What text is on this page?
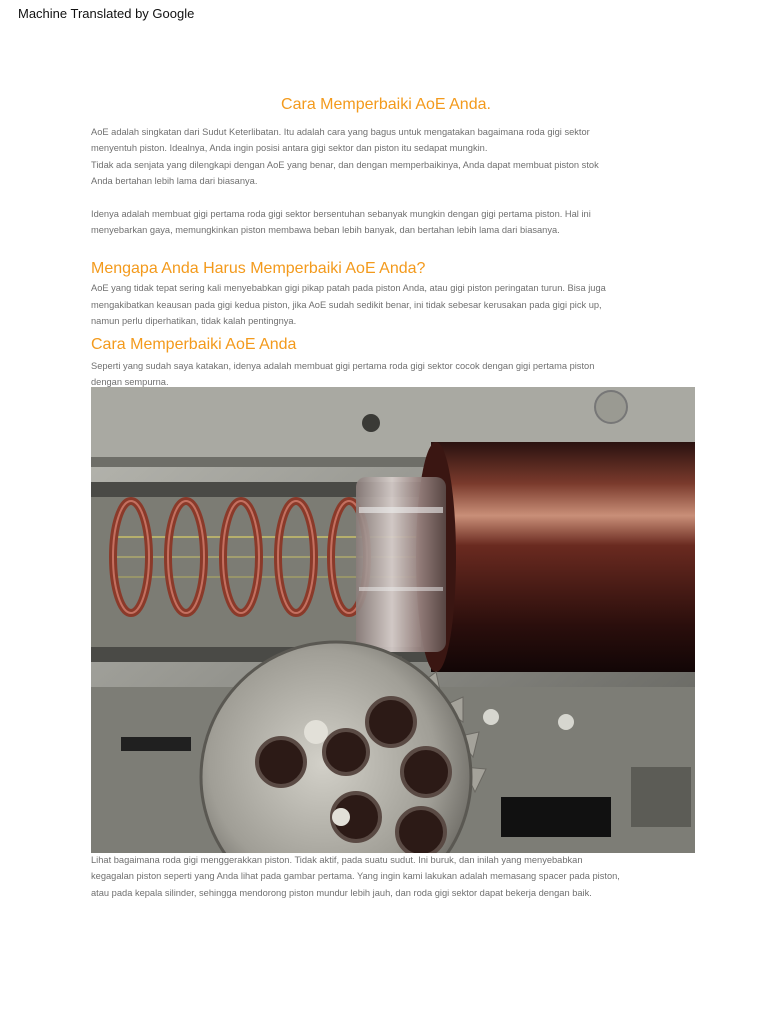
Machine Translated by Google
Cara Memperbaiki AoE Anda.

AoE adalah singkatan dari Sudut Keterlibatan. Itu adalah cara yang bagus untuk mengatakan bagaimana roda gigi sektor

menyentuh piston. Idealnya, Anda ingin posisi antara gigi sektor dan piston itu sedapat mungkin.

Tidak ada senjata yang dilengkapi dengan AoE yang benar, dan dengan memperbaikinya, Anda dapat membuat piston stok

Anda bertahan lebih lama dari biasanya.

Idenya adalah membuat gigi pertama roda gigi sektor bersentuhan sebanyak mungkin dengan gigi pertama piston. Hal ini

menyebarkan gaya, memungkinkan piston membawa beban lebih banyak, dan bertahan lebih lama dari biasanya.

Mengapa Anda Harus Memperbaiki AoE Anda?

AoE yang tidak tepat sering kali menyebabkan gigi pikap patah pada piston Anda, atau gigi piston peringatan turun. Bisa juga

mengakibatkan keausan pada gigi kedua piston, jika AoE sudah sedikit benar, ini tidak sebesar kerusakan pada gigi pick up,

namun perlu diperhatikan, tidak kalah pentingnya.

Cara Memperbaiki AoE Anda

Seperti yang sudah saya katakan, idenya adalah membuat gigi pertama roda gigi sektor cocok dengan gigi pertama piston

dengan sempurna.

Lihat bagaimana roda gigi menggerakkan piston. Tidak aktif, pada suatu sudut. Ini buruk, dan inilah yang menyebabkan

kegagalan piston seperti yang Anda lihat pada gambar pertama. Yang ingin kami lakukan adalah memasang spacer pada piston,

atau pada kepala silinder, sehingga mendorong piston mundur lebih jauh, dan roda gigi sektor dapat bekerja dengan baik.
